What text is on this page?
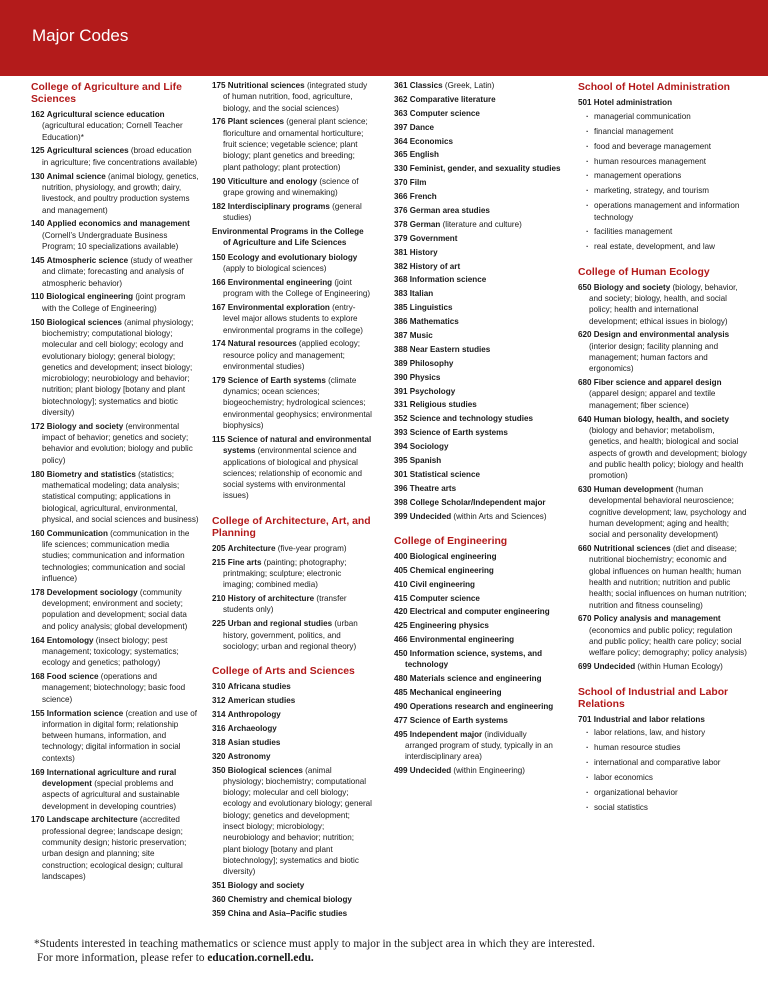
Major Codes
College of Agriculture and Life Sciences
162 Agricultural science education (agricultural education; Cornell Teacher Education)*
125 Agricultural sciences (broad education in agriculture; five concentrations available)
130 Animal science (animal biology, genetics, nutrition, physiology, and growth; dairy, livestock, and poultry production systems and management)
140 Applied economics and management (Cornell’s Undergraduate Business Program; 10 specializations available)
145 Atmospheric science (study of weather and climate; forecasting and analysis of atmospheric behavior)
110 Biological engineering (joint program with the College of Engineering)
150 Biological sciences (animal physiology; biochemistry; computational biology; molecular and cell biology; ecology and evolutionary biology; general biology; genetics and development; insect biology; microbiology; neurobiology and behavior; nutrition; plant biology [botany and plant biotechnology]; systematics and biotic diversity)
172 Biology and society (environmental impact of behavior; genetics and society; behavior and evolution; biology and public policy)
180 Biometry and statistics (statistics; mathematical modeling; data analysis; statistical computing; applications in biological, agricultural, environmental, physical, and social sciences and business)
160 Communication (communication in the life sciences; communication media studies; communication and information technologies; communication and social influence)
178 Development sociology (community development; environment and society; population and development; social data and policy analysis; global development)
164 Entomology (insect biology; pest management; toxicology; systematics; ecology and genetics; pathology)
168 Food science (operations and management; biotechnology; basic food science)
155 Information science (creation and use of information in digital form; relationship between humans, information, and technology; digital information in social contexts)
169 International agriculture and rural development (special problems and aspects of agricultural and sustainable development in developing countries)
170 Landscape architecture (accredited professional degree; landscape design; community design; historic preservation; urban design and planning; site construction; ecological design; cultural landscapes)
175 Nutritional sciences (integrated study of human nutrition, food, agriculture, biology, and the social sciences)
176 Plant sciences (general plant science; floriculture and ornamental horticulture; fruit science; vegetable science; plant biology; plant genetics and breeding; plant pathology; plant protection)
190 Viticulture and enology (science of grape growing and winemaking)
182 Interdisciplinary programs (general studies)
Environmental Programs in the College of Agriculture and Life Sciences
150 Ecology and evolutionary biology (apply to biological sciences)
166 Environmental engineering (joint program with the College of Engineering)
167 Environmental exploration (entry-level major allows students to explore environmental programs in the college)
174 Natural resources (applied ecology; resource policy and management; environmental studies)
179 Science of Earth systems (climate dynamics; ocean sciences; biogeochemistry; hydrological sciences; environmental geophysics; environmental biophysics)
115 Science of natural and environmental systems (environmental science and applications of biological and physical sciences; relationship of economic and social systems with environmental issues)
College of Architecture, Art, and Planning
205 Architecture (five-year program)
215 Fine arts (painting; photography; printmaking; sculpture; electronic imaging; combined media)
210 History of architecture (transfer students only)
225 Urban and regional studies (urban history, government, politics, and sociology; urban and regional theory)
College of Arts and Sciences
310 Africana studies
312 American studies
314 Anthropology
316 Archaeology
318 Asian studies
320 Astronomy
350 Biological sciences (animal physiology; biochemistry; computational biology; molecular and cell biology; ecology and evolutionary biology; general biology; genetics and development; insect biology; microbiology; neurobiology and behavior; nutrition; plant biology [botany and plant biotechnology]; systematics and biotic diversity)
351 Biology and society
360 Chemistry and chemical biology
359 China and Asia–Pacific studies
361 Classics (Greek, Latin)
362 Comparative literature
363 Computer science
397 Dance
364 Economics
365 English
330 Feminist, gender, and sexuality studies
370 Film
366 French
376 German area studies
378 German (literature and culture)
379 Government
381 History
382 History of art
368 Information science
383 Italian
385 Linguistics
386 Mathematics
387 Music
388 Near Eastern studies
389 Philosophy
390 Physics
391 Psychology
331 Religious studies
352 Science and technology studies
393 Science of Earth systems
394 Sociology
395 Spanish
301 Statistical science
396 Theatre arts
398 College Scholar/Independent major
399 Undecided (within Arts and Sciences)
College of Engineering
400 Biological engineering
405 Chemical engineering
410 Civil engineering
415 Computer science
420 Electrical and computer engineering
425 Engineering physics
466 Environmental engineering
450 Information science, systems, and technology
480 Materials science and engineering
485 Mechanical engineering
490 Operations research and engineering
477 Science of Earth systems
495 Independent major (individually arranged program of study, typically in an interdisciplinary area)
499 Undecided (within Engineering)
School of Hotel Administration
501 Hotel administration
· managerial communication
· financial management
· food and beverage management
· human resources management
· management operations
· marketing, strategy, and tourism
· operations management and information technology
· facilities management
· real estate, development, and law
College of Human Ecology
650 Biology and society (biology, behavior, and society; biology, health, and social policy; health and international development; ethical issues in biology)
620 Design and environmental analysis (interior design; facility planning and management; human factors and ergonomics)
680 Fiber science and apparel design (apparel design; apparel and textile management; fiber science)
640 Human biology, health, and society (biology and behavior; metabolism, genetics, and health; biological and social aspects of growth and development; biology and public health policy; biology and health promotion)
630 Human development (human developmental behavioral neuroscience; cognitive development; law, psychology and human development; aging and health; social and personality development)
660 Nutritional sciences (diet and disease; nutritional biochemistry; economic and global influences on human health; human health and nutrition; nutrition and public health; social influences on human nutrition; nutrition and fitness counseling)
670 Policy analysis and management (economics and public policy; regulation and public policy; health care policy; social welfare policy; demography; policy analysis)
699 Undecided (within Human Ecology)
School of Industrial and Labor Relations
701 Industrial and labor relations
· labor relations, law, and history
· human resource studies
· international and comparative labor
· labor economics
· organizational behavior
· social statistics
*Students interested in teaching mathematics or science must apply to major in the subject area in which they are interested.
For more information, please refer to education.cornell.edu.
